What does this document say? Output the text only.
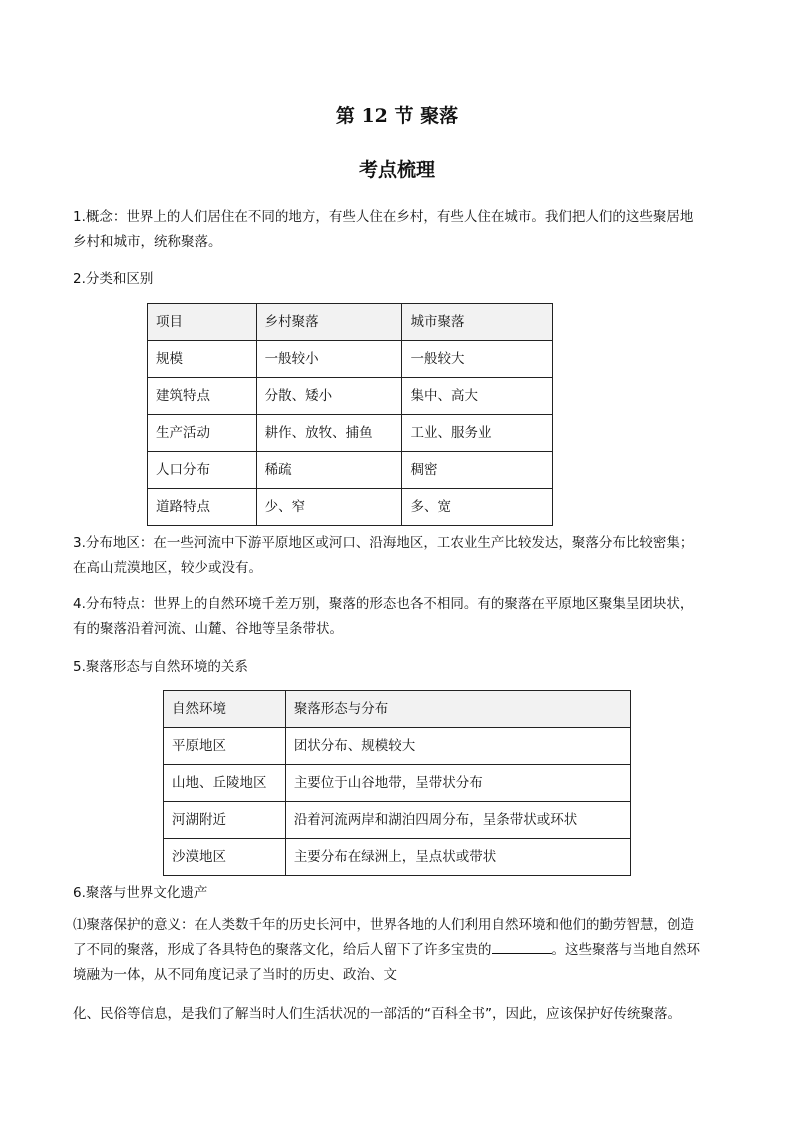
第 12 节 聚落
考点梳理

1.概念：世界上的人们居住在不同的地方，有些人住在乡村，有些人住在城市。我们把人们的这些聚居地
乡村和城市，统称聚落。

2.分类和区别

项目	乡村聚落	城市聚落
规模	一般较小	一般较大
建筑特点	分散、矮小	集中、高大
生产活动	耕作、放牧、捕鱼	工业、服务业
人口分布	稀疏	稠密
道路特点	少、窄	多、宽

3.分布地区：在一些河流中下游平原地区或河口、沿海地区，工农业生产比较发达，聚落分布比较密集；
在高山荒漠地区，较少或没有。

4.分布特点：世界上的自然环境千差万别，聚落的形态也各不相同。有的聚落在平原地区聚集呈团块状，
有的聚落沿着河流、山麓、谷地等呈条带状。

5.聚落形态与自然环境的关系

自然环境	聚落形态与分布
平原地区	团状分布、规模较大
山地、丘陵地区	主要位于山谷地带，呈带状分布
河湖附近	沿着河流两岸和湖泊四周分布，呈条带状或环状
沙漠地区	主要分布在绿洲上，呈点状或带状

6.聚落与世界文化遗产

⑴聚落保护的意义：在人类数千年的历史长河中，世界各地的人们利用自然环境和他们的勤劳智慧，创造
了不同的聚落，形成了各具特色的聚落文化，给后人留下了许多宝贵的	。这些聚落与当地自然环
境融为一体，从不同角度记录了当时的历史、政治、文

化、民俗等信息，是我们了解当时人们生活状况的一部活的“百科全书”，因此，应该保护好传统聚落。
